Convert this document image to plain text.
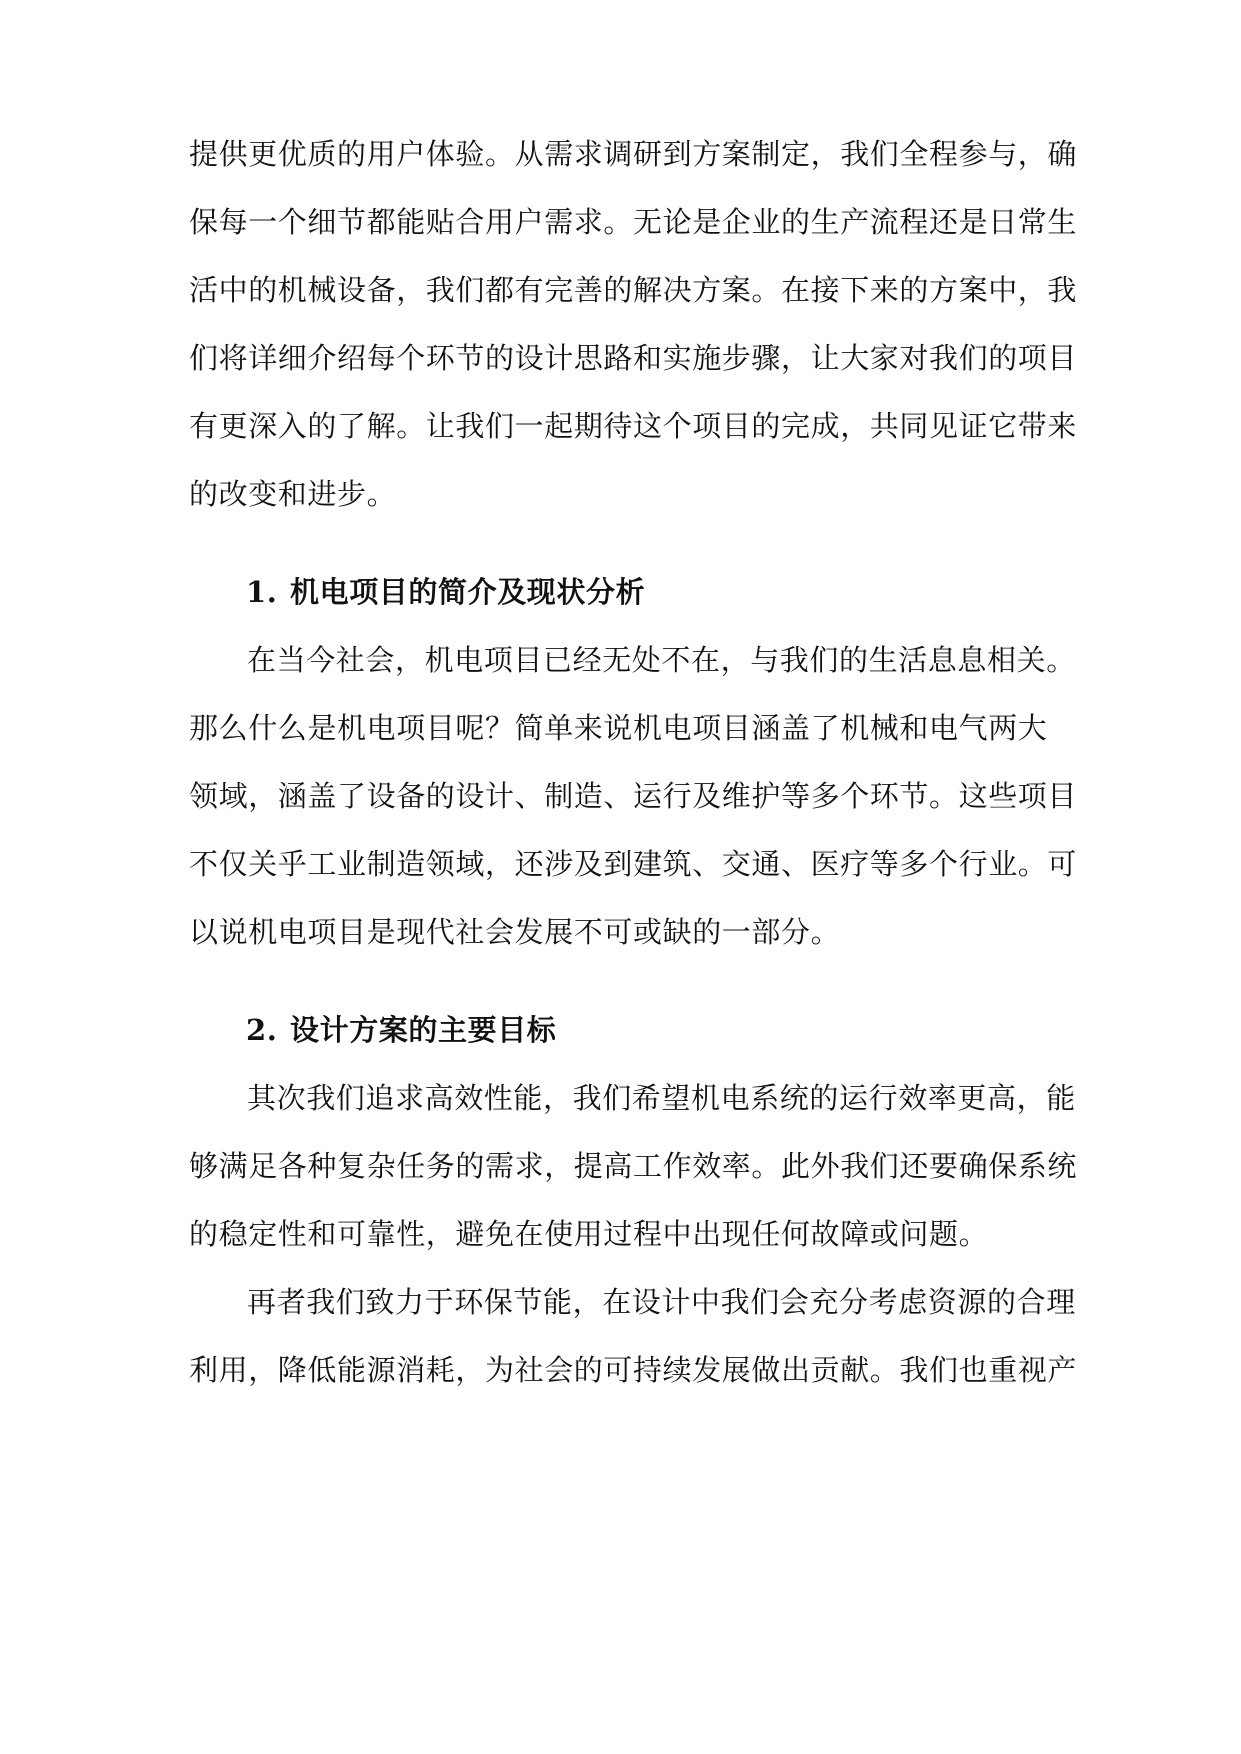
提供更优质的用户体验。从需求调研到方案制定，我们全程参与，确
保每一个细节都能贴合用户需求。无论是企业的生产流程还是日常生
活中的机械设备，我们都有完善的解决方案。在接下来的方案中，我
们将详细介绍每个环节的设计思路和实施步骤，让大家对我们的项目
有更深入的了解。让我们一起期待这个项目的完成，共同见证它带来
的改变和进步。
1. 机电项目的简介及现状分析
在当今社会，机电项目已经无处不在，与我们的生活息息相关。
那么什么是机电项目呢？简单来说机电项目涵盖了机械和电气两大
领域，涵盖了设备的设计、制造、运行及维护等多个环节。这些项目
不仅关乎工业制造领域，还涉及到建筑、交通、医疗等多个行业。可
以说机电项目是现代社会发展不可或缺的一部分。
2. 设计方案的主要目标
其次我们追求高效性能，我们希望机电系统的运行效率更高，能
够满足各种复杂任务的需求，提高工作效率。此外我们还要确保系统
的稳定性和可靠性，避免在使用过程中出现任何故障或问题。
再者我们致力于环保节能，在设计中我们会充分考虑资源的合理
利用，降低能源消耗，为社会的可持续发展做出贡献。我们也重视产
